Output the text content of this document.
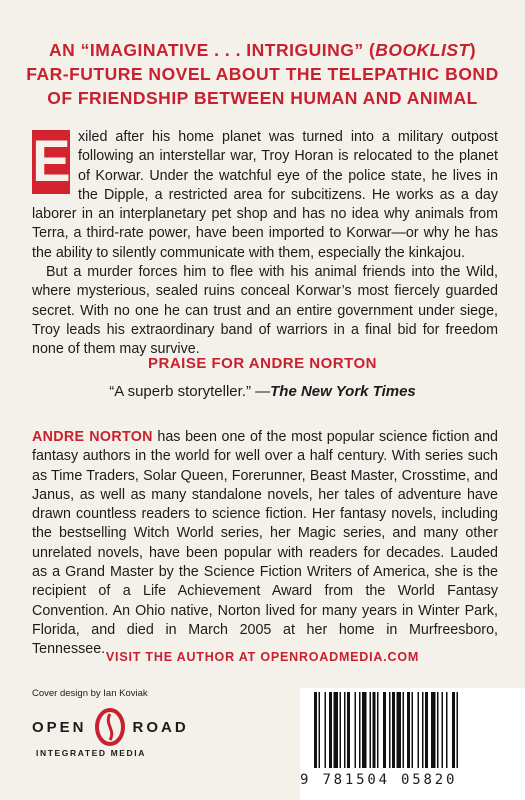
AN “IMAGINATIVE . . . INTRIGUING” (BOOKLIST)
FAR-FUTURE NOVEL ABOUT THE TELEPATHIC BOND
OF FRIENDSHIP BETWEEN HUMAN AND ANIMAL

E xiled after his home planet was turned into a military outpost following an interstellar war, Troy Horan is relocated to the planet of Korwar. Under the watchful eye of the police state, he lives in the Dipple, a restricted area for subcitizens. He works as a day laborer in an interplanetary pet shop and has no idea why animals from Terra, a third-rate power, have been imported to Korwar—or why he has the ability to silently communicate with them, especially the kinkajou.

But a murder forces him to flee with his animal friends into the Wild, where mysterious, sealed ruins conceal Korwar’s most fiercely guarded secret. With no one he can trust and an entire government under siege, Troy leads his extraordinary band of warriors in a final bid for freedom none of them may survive.

PRAISE FOR ANDRE NORTON
“A superb storyteller.” —The New York Times
ANDRE NORTON has been one of the most popular science fiction and fantasy authors in the world for well over a half century. With series such as Time Traders, Solar Queen, Forerunner, Beast Master, Crosstime, and Janus, as well as many standalone novels, her tales of adventure have drawn countless readers to science fiction. Her fantasy novels, including the bestselling Witch World series, her Magic series, and many other unrelated novels, have been popular with readers for decades. Lauded as a Grand Master by the Science Fiction Writers of America, she is the recipient of a Life Achievement Award from the World Fantasy Convention. An Ohio native, Norton lived for many years in Winter Park, Florida, and died in March 2005 at her home in Murfreesboro, Tennessee. VISIT THE AUTHOR AT OPENROADMEDIA.COM
Cover design by Ian Koviak
OPEN	ROAD
INTEGRATED MEDIA
9 781504 05820
